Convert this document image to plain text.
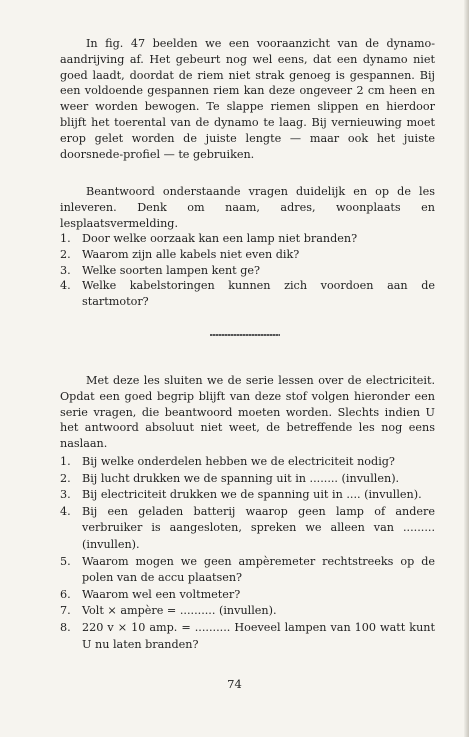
In fig. 47 beelden we een vooraanzicht van de dynamo-aandrijving af. Het gebeurt nog wel eens, dat een dynamo niet goed laadt, doordat de riem niet strak genoeg is gespannen. Bij een voldoende gespannen riem kan deze ongeveer 2 cm heen en weer worden bewogen. Te slappe riemen slippen en hierdoor blijft het toerental van de dynamo te laag. Bij vernieuwing moet erop gelet worden de juiste lengte — maar ook het juiste doorsnede-profiel — te gebruiken.

Beantwoord onderstaande vragen duidelijk en op de les inleveren. Denk om naam, adres, woonplaats en lesplaatsvermelding.

1.	Door welke oorzaak kan een lamp niet branden?
2.	Waarom zijn alle kabels niet even dik?
3.	Welke soorten lampen kent ge?
4.	Welke kabelstoringen kunnen zich voordoen aan de startmotor?

Met deze les sluiten we de serie lessen over de electriciteit. Opdat een goed begrip blijft van deze stof volgen hieronder een serie vragen, die beantwoord moeten worden. Slechts indien U het antwoord absoluut niet weet, de betreffende les nog eens naslaan.

1.	Bij welke onderdelen hebben we de electriciteit nodig?
2.	Bij lucht drukken we de spanning uit in ........ (invullen).
3.	Bij electriciteit drukken we de spanning uit in .... (invullen).
4.	Bij een geladen batterij waarop geen lamp of andere verbruiker is aangesloten, spreken we alleen van ......... (invullen).
5.	Waarom mogen we geen ampèremeter rechtstreeks op de polen van de accu plaatsen?
6.	Waarom wel een voltmeter?
7.	Volt × ampère = .......... (invullen).
8.	220 v × 10 amp. = .......... Hoeveel lampen van 100 watt kunt U nu laten branden?
74
